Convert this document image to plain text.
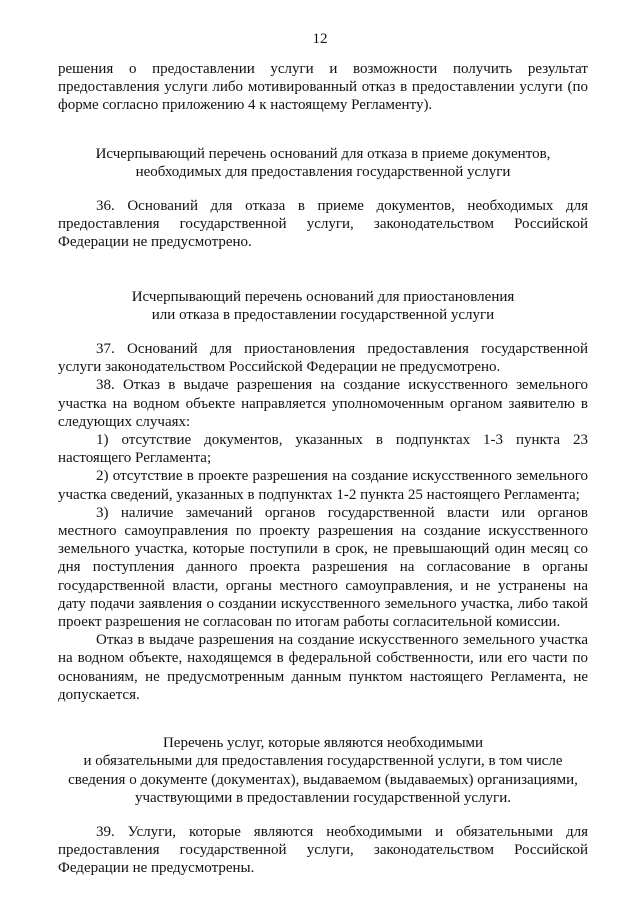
12

решения о предоставлении услуги и возможности получить результат предоставления услуги либо мотивированный отказ в предоставлении услуги (по форме согласно приложению 4 к настоящему Регламенту).

Исчерпывающий перечень оснований для отказа в приеме документов,
необходимых для предоставления государственной услуги

36. Оснований для отказа в приеме документов, необходимых для предоставления государственной услуги, законодательством Российской Федерации не предусмотрено.

Исчерпывающий перечень оснований для приостановления
или отказа в предоставлении государственной услуги

37. Оснований для приостановления предоставления государственной услуги законодательством Российской Федерации не предусмотрено.

38. Отказ в выдаче разрешения на создание искусственного земельного участка на водном объекте направляется уполномоченным органом заявителю в следующих случаях:

1) отсутствие документов, указанных в подпунктах 1-3 пункта 23 настоящего Регламента;

2) отсутствие в проекте разрешения на создание искусственного земельного участка сведений, указанных в подпунктах 1-2 пункта 25 настоящего Регламента;

3) наличие замечаний органов государственной власти или органов местного самоуправления по проекту разрешения на создание искусственного земельного участка, которые поступили в срок, не превышающий один месяц со дня поступления данного проекта разрешения на согласование в органы государственной власти, органы местного самоуправления, и не устранены на дату подачи заявления о создании искусственного земельного участка, либо такой проект разрешения не согласован по итогам работы согласительной комиссии.

Отказ в выдаче разрешения на создание искусственного земельного участка на водном объекте, находящемся в федеральной собственности, или его части по основаниям, не предусмотренным данным пунктом настоящего Регламента, не допускается.

Перечень услуг, которые являются необходимыми
и обязательными для предоставления государственной услуги, в том числе
сведения о документе (документах), выдаваемом (выдаваемых) организациями,
участвующими в предоставлении государственной услуги.

39. Услуги, которые являются необходимыми и обязательными для предоставления государственной услуги, законодательством Российской Федерации не предусмотрены.
